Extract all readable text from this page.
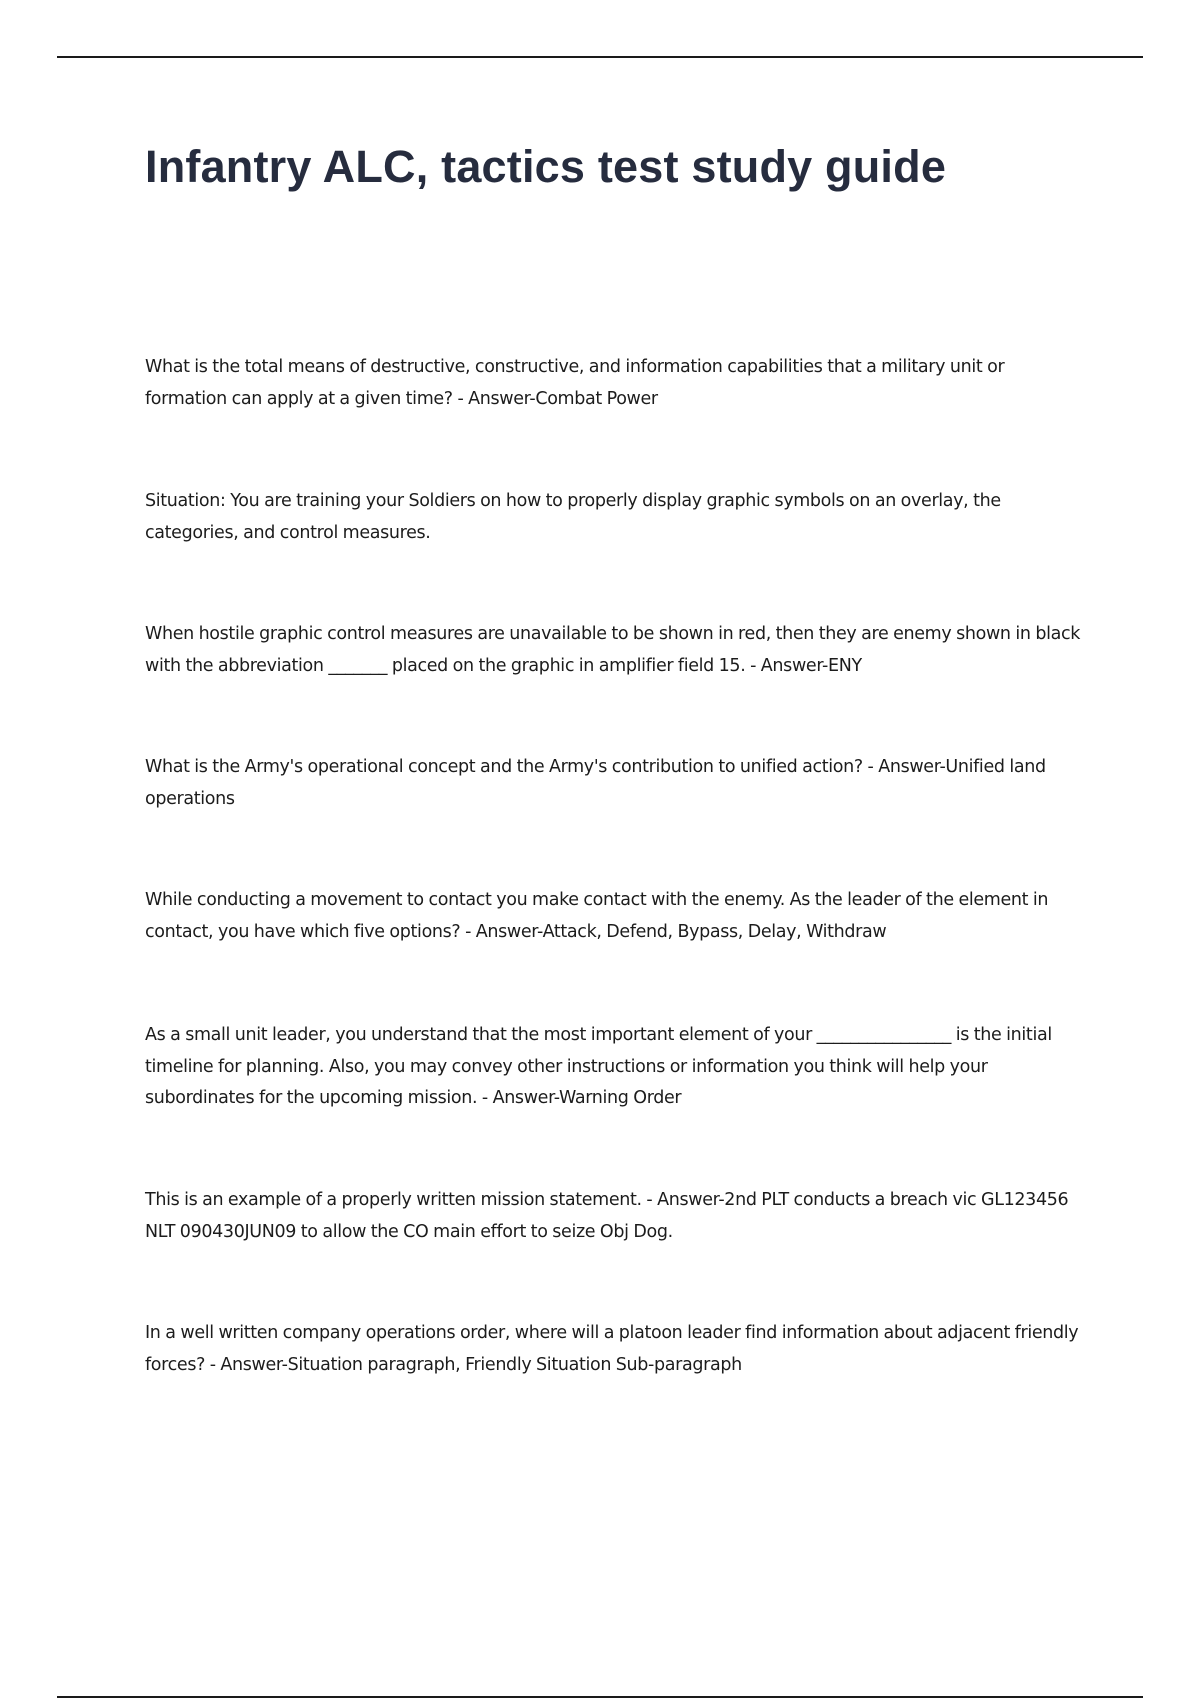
Infantry ALC, tactics test study guide
What is the total means of destructive, constructive, and information capabilities that a military unit or formation can apply at a given time? - Answer-Combat Power
Situation: You are training your Soldiers on how to properly display graphic symbols on an overlay, the categories, and control measures.
When hostile graphic control measures are unavailable to be shown in red, then they are enemy shown in black with the abbreviation _______ placed on the graphic in amplifier field 15. - Answer-ENY
What is the Army's operational concept and the Army's contribution to unified action? - Answer-Unified land operations
While conducting a movement to contact you make contact with the enemy. As the leader of the element in contact, you have which five options? - Answer-Attack, Defend, Bypass, Delay, Withdraw
As a small unit leader, you understand that the most important element of your ________________ is the initial timeline for planning. Also, you may convey other instructions or information you think will help your subordinates for the upcoming mission. - Answer-Warning Order
This is an example of a properly written mission statement. - Answer-2nd PLT conducts a breach vic GL123456 NLT 090430JUN09 to allow the CO main effort to seize Obj Dog.
In a well written company operations order, where will a platoon leader find information about adjacent friendly forces? - Answer-Situation paragraph, Friendly Situation Sub-paragraph
